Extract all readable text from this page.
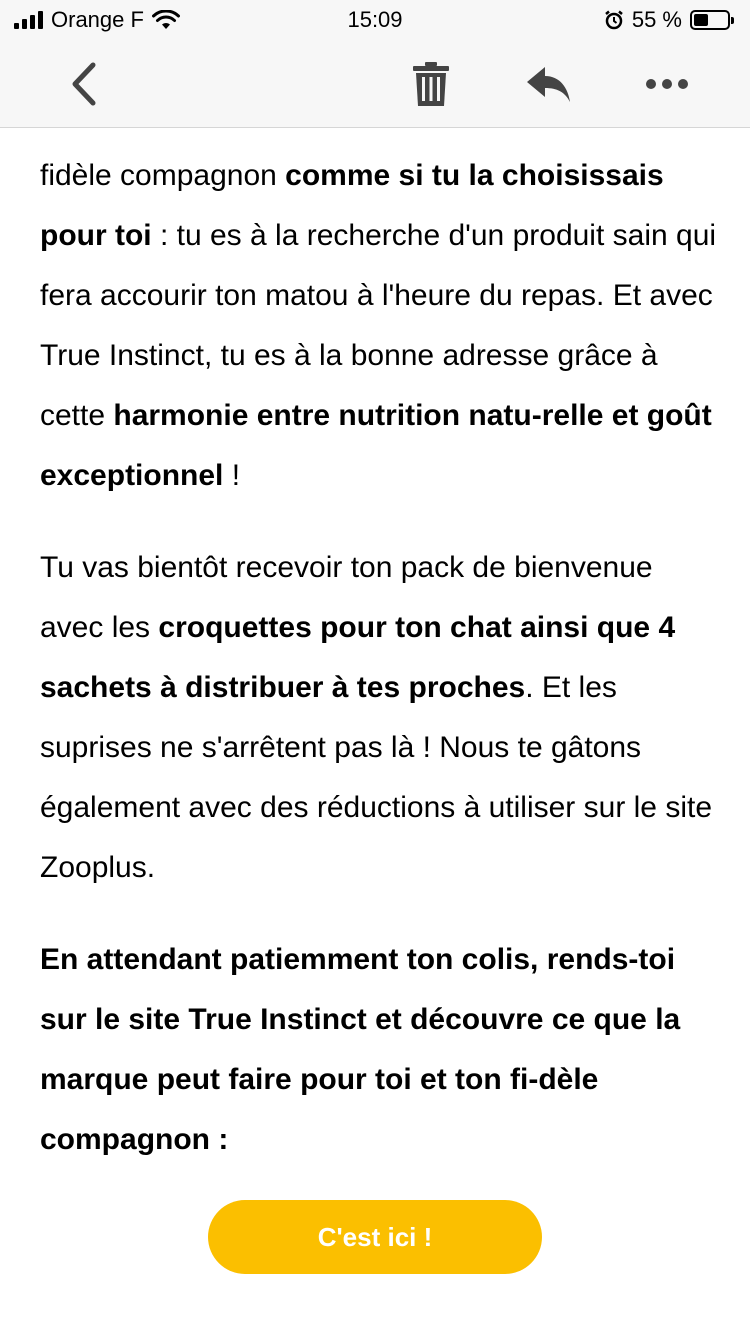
Orange F	15:09	55 %

fidèle compagnon comme si tu la choisissais pour toi : tu es à la recherche d'un produit sain qui fera accourir ton matou à l'heure du repas. Et avec True Instinct, tu es à la bonne adresse grâce à cette harmonie entre nutrition natu-relle et goût exceptionnel !

Tu vas bientôt recevoir ton pack de bienvenue avec les croquettes pour ton chat ainsi que 4 sachets à distribuer à tes proches. Et les suprises ne s'arrêtent pas là ! Nous te gâtons également avec des réductions à utiliser sur le site Zooplus.

En attendant patiemment ton colis, rends-toi sur le site True Instinct et découvre ce que la marque peut faire pour toi et ton fi-dèle compagnon :

C'est ici !
